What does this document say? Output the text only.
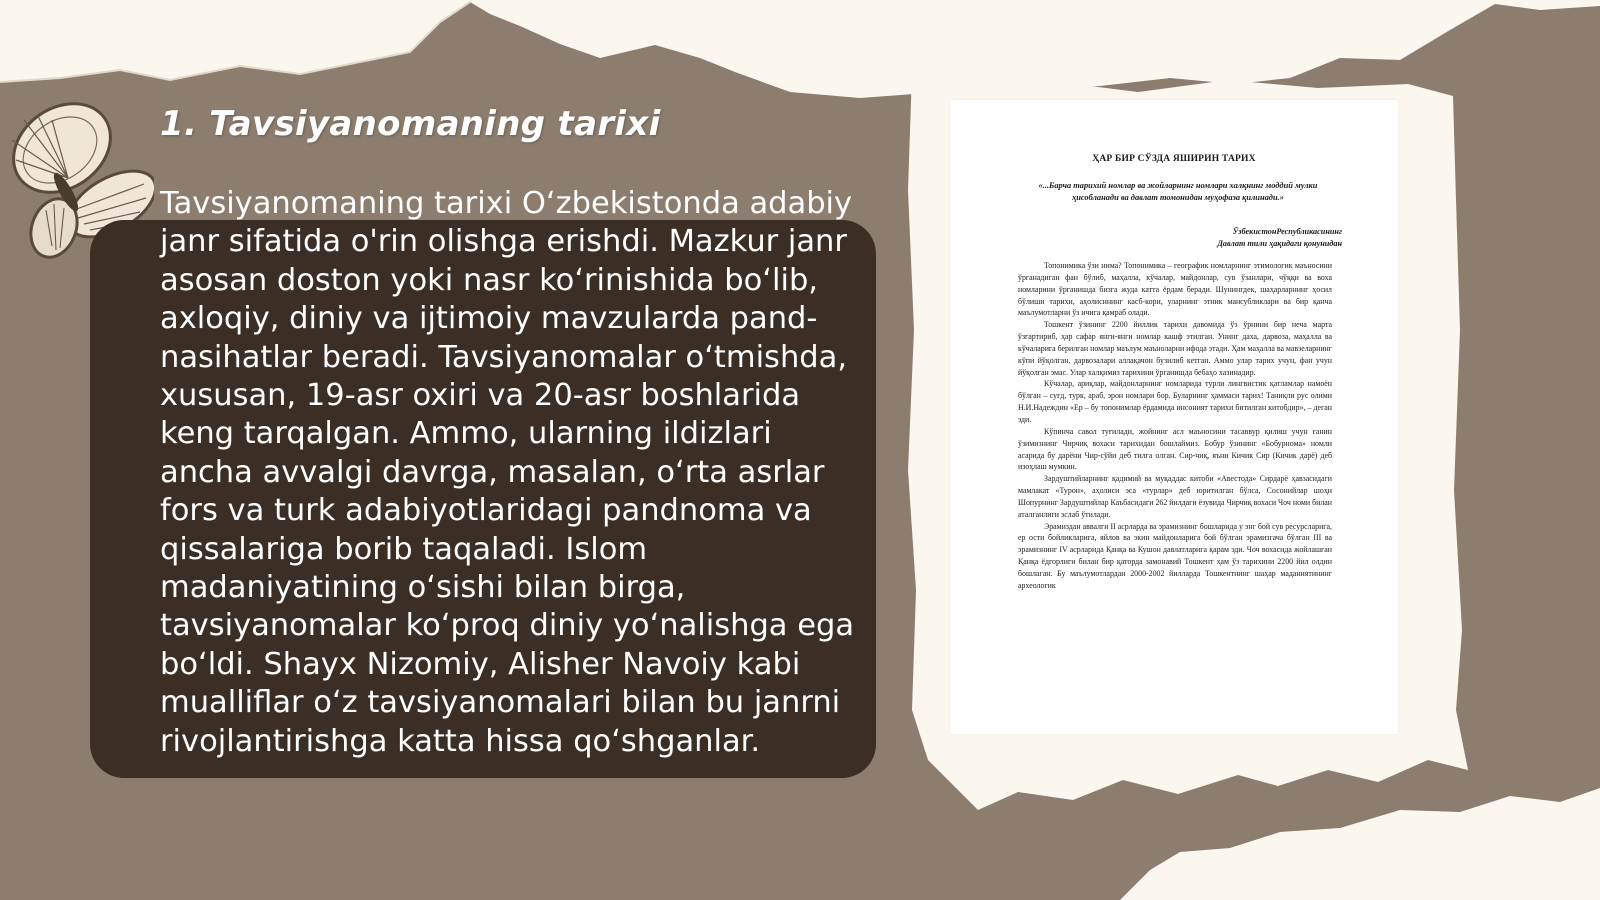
1. Tavsiyanomaning tarixi

Tavsiyanomaning tarixi O‘zbekistonda adabiy janr sifatida o'rin olishga erishdi. Mazkur janr asosan doston yoki nasr ko‘rinishida bo‘lib, axloqiy, diniy va ijtimoiy mavzularda pand-nasihatlar beradi. Tavsiyanomalar o‘tmishda, xususan, 19-asr oxiri va 20-asr boshlarida keng tarqalgan. Ammo, ularning ildizlari ancha avvalgi davrga, masalan, o‘rta asrlar fors va turk adabiyotlaridagi pandnoma va qissalariga borib taqaladi. Islom madaniyatining o‘sishi bilan birga, tavsiyanomalar ko‘proq diniy yo‘nalishga ega bo‘ldi. Shayx Nizomiy, Alisher Navoiy kabi mualliflar o‘z tavsiyanomalari bilan bu janrni rivojlantirishga katta hissa qo‘shganlar.

ҲАР БИР СЎЗДА ЯШИРИН ТАРИХ
«...Барча тарихий номлар ва жойларнинг номлари халқнинг моддий мулки ҳисобланади ва давлат томонидан муҳофаза қилинади.»
ЎзбекистонРеспубликасининг
Давлат тили ҳақидаги қонунидан

Топонимика ўзи нима? Топонимика – географик номларнинг этимологик маъносини ўрганадиган фан бўлиб, маҳалла, кўчалар, майдонлар, сув ўзанлари, чўққи ва воха номларини ўрганишда бизга жуда катта ёрдам беради. Шунингдек, шаҳарларнинг ҳосил бўлиши тарихи, аҳолисининг касб-кори, уларнинг этник мансубликлари ва бир қанча маълумотларни ўз ичига қамраб олади.

Тошкент ўзининг 2200 йиллик тарихи давомида ўз ўрнини бир неча марта ўзгартириб, ҳар сафар янги-янги номлар кашф этилган. Унинг даха, дарвоза, маҳалла ва кўчаларига берилган номлар маълум маъноларни ифода этади. Ҳам маҳалла ва мавзеларнинг кўпи йўқолган, дарвозалари аллақачон бузилиб кетган. Аммо улар тарих учун, фан учун йўқолган эмас. Улар халқимиз тарихини ўрганишда бебаҳо хазинадир.

Кўчалар, ариқлар, майдонларнинг номларида турли лингвистик қатламлар намоён бўлган – суғд, турк, араб, эрон номлари бор. Буларнинг ҳаммаси тарих! Таниқли рус олими Н.И.Надеждин «Ер – бу топонимлар ёрдамида инсоният тарихи битилган китобдир», – деган эди.

Кўпинча савол туғилади, жойнинг асл маъносини тасаввур қилиш учун ғанин ўзимизнинг Чирчиқ вохаси тарихидан бошлаймиз. Бобур ўзининг «Бобурнома» номли асарида бу дарёни Чир-сўйи деб тилга олган. Сир-чиқ, яъни Кичик Сир (Кичик дарё) деб изоҳлаш мумкин.

Зардуштийларнинг қадимий ва муқаддас китоби «Авестода» Сирдарё ҳавзасидаги мамлакат «Турон», аҳолиси эса «турлар» деб юритилган бўлса, Сосонийлар шоҳи Шопурнинг Зардуштийлар Каъбасидаги 262 йилдаги ёзувида Чирчиқ вохаси Чоч номи билан аталганлиги эслаб ўтилади.

Эрамиздан аввалги II асрларда ва эрамизнинг бошларида у энг бой сув ресурсларига, ер ости бойликларига, яйлов ва экин майдонларига бой бўлган эрамизгача бўлган III ва эрамизнинг IV асрларида Қанқа ва Кушон давлатларига қарам эди. Чоч вохасида жойлашган Қанқа ёдгорлиги билан бир қаторда замонавий Тошкент ҳам ўз тарихини 2200 йил олдин бошлаган. Бу маълумотлардан 2000-2002 йилларда Тошкентнинг шаҳар маданиятининг археологик
